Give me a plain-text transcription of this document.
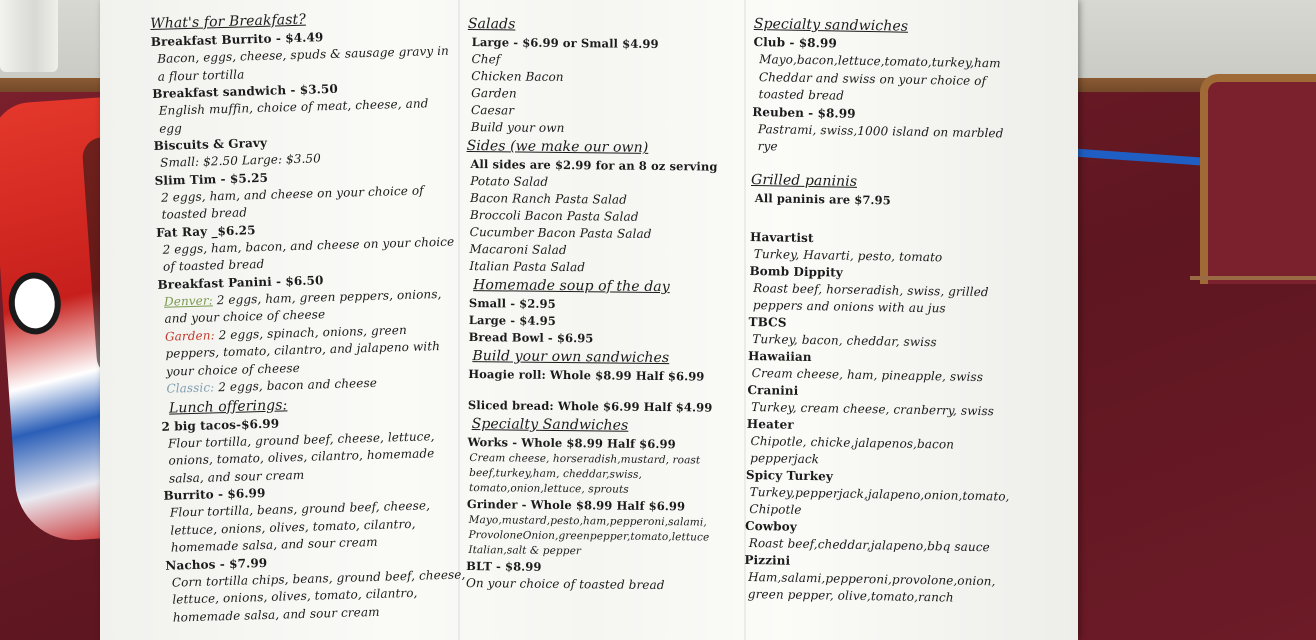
What's for Breakfast?
Breakfast Burrito - $4.49
Bacon, eggs, cheese, spuds & sausage gravy in a flour tortilla
Breakfast sandwich - $3.50
English muffin, choice of meat, cheese, and egg
Biscuits & Gravy
Small: $2.50 Large: $3.50
Slim Tim - $5.25
2 eggs, ham, and cheese on your choice of toasted bread
Fat Ray _$6.25
2 eggs, ham, bacon, and cheese on your choice of toasted bread
Breakfast Panini - $6.50
Denver: 2 eggs, ham, green peppers, onions, and your choice of cheese
Garden: 2 eggs, spinach, onions, green peppers, tomato, cilantro, and jalapeno with your choice of cheese
Classic: 2 eggs, bacon and cheese
Lunch offerings:
2 big tacos-$6.99
Flour tortilla, ground beef, cheese, lettuce, onions, tomato, olives, cilantro, homemade salsa, and sour cream
Burrito - $6.99
Flour tortilla, beans, ground beef, cheese, lettuce, onions, olives, tomato, cilantro, homemade salsa, and sour cream
Nachos - $7.99
Corn tortilla chips, beans, ground beef, cheese, lettuce, onions, olives, tomato, cilantro, homemade salsa, and sour cream
Salads
Large - $6.99 or Small $4.99
Chef
Chicken Bacon
Garden
Caesar
Build your own
Sides (we make our own)
All sides are $2.99 for an 8 oz serving
Potato Salad
Bacon Ranch Pasta Salad
Broccoli Bacon Pasta Salad
Cucumber Bacon Pasta Salad
Macaroni Salad
Italian Pasta Salad
Homemade soup of the day
Small - $2.95
Large - $4.95
Bread Bowl - $6.95
Build your own sandwiches
Hoagie roll: Whole $8.99 Half $6.99
Sliced bread: Whole $6.99 Half $4.99
Specialty Sandwiches
Works - Whole $8.99 Half $6.99
Cream cheese, horseradish,mustard, roast beef,turkey,ham, cheddar,swiss, tomato,onion,lettuce, sprouts
Grinder - Whole $8.99 Half $6.99
Mayo,mustard,pesto,ham,pepperoni,salami, ProvoloneOnion,greenpepper,tomato,lettuce Italian,salt & pepper
BLT - $8.99
On your choice of toasted bread
Specialty sandwiches
Club - $8.99
Mayo,bacon,lettuce,tomato,turkey,ham Cheddar and swiss on your choice of toasted bread
Reuben - $8.99
Pastrami, swiss,1000 island on marbled rye
Grilled paninis
All paninis are $7.95
Havartist
Turkey, Havarti, pesto, tomato
Bomb Dippity
Roast beef, horseradish, swiss, grilled peppers and onions with au jus
TBCS
Turkey, bacon, cheddar, swiss
Hawaiian
Cream cheese, ham, pineapple, swiss
Cranini
Turkey, cream cheese, cranberry, swiss
Heater
Chipotle, chicke,jalapenos,bacon pepperjack
Spicy Turkey
Turkey,pepperjack,jalapeno,onion,tomato, Chipotle
Cowboy
Roast beef,cheddar,jalapeno,bbq sauce
Pizzini
Ham,salami,pepperoni,provolone,onion, green pepper, olive,tomato,ranch
